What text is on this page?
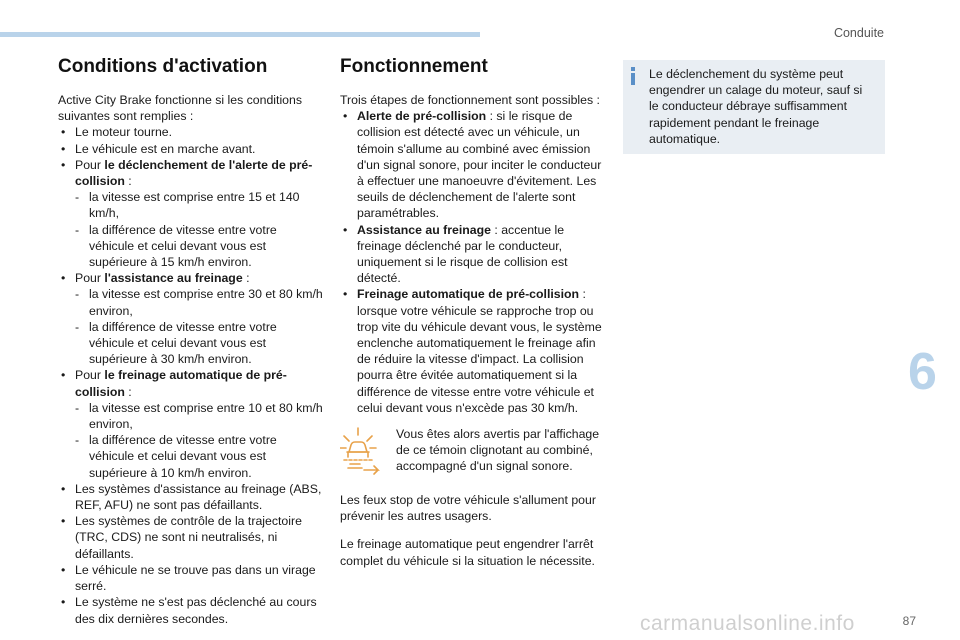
Conduite
Conditions d'activation

Active City Brake fonctionne si les conditions suivantes sont remplies :

• Le moteur tourne.
• Le véhicule est en marche avant.
• Pour le déclenchement de l'alerte de pré-collision :
- la vitesse est comprise entre 15 et 140 km/h,
- la différence de vitesse entre votre véhicule et celui devant vous est supérieure à 15 km/h environ.
• Pour l'assistance au freinage :
- la vitesse est comprise entre 30 et 80 km/h environ,
- la différence de vitesse entre votre véhicule et celui devant vous est supérieure à 30 km/h environ.
• Pour le freinage automatique de pré-collision :
- la vitesse est comprise entre 10 et 80 km/h environ,
- la différence de vitesse entre votre véhicule et celui devant vous est supérieure à 10 km/h environ.
• Les systèmes d'assistance au freinage (ABS, REF, AFU) ne sont pas défaillants.
• Les systèmes de contrôle de la trajectoire (TRC, CDS) ne sont ni neutralisés, ni défaillants.
• Le véhicule ne se trouve pas dans un virage serré.
• Le système ne s'est pas déclenché au cours des dix dernières secondes.
Fonctionnement

Trois étapes de fonctionnement sont possibles :

• Alerte de pré-collision : si le risque de collision est détecté avec un véhicule, un témoin s'allume au combiné avec émission d'un signal sonore, pour inciter le conducteur à effectuer une manoeuvre d'évitement. Les seuils de déclenchement de l'alerte sont paramétrables.
• Assistance au freinage : accentue le freinage déclenché par le conducteur, uniquement si le risque de collision est détecté.
• Freinage automatique de pré-collision : lorsque votre véhicule se rapproche trop ou trop vite du véhicule devant vous, le système enclenche automatiquement le freinage afin de réduire la vitesse d'impact. La collision pourra être évitée automatiquement si la différence de vitesse entre votre véhicule et celui devant vous n'excède pas 30 km/h.

Vous êtes alors avertis par l'affichage de ce témoin clignotant au combiné, accompagné d'un signal sonore.

Les feux stop de votre véhicule s'allument pour prévenir les autres usagers.

Le freinage automatique peut engendrer l'arrêt complet du véhicule si la situation le nécessite.

Le déclenchement du système peut engendrer un calage du moteur, sauf si le conducteur débraye suffisamment rapidement pendant le freinage automatique.

6
carmanualsonline.info	87
